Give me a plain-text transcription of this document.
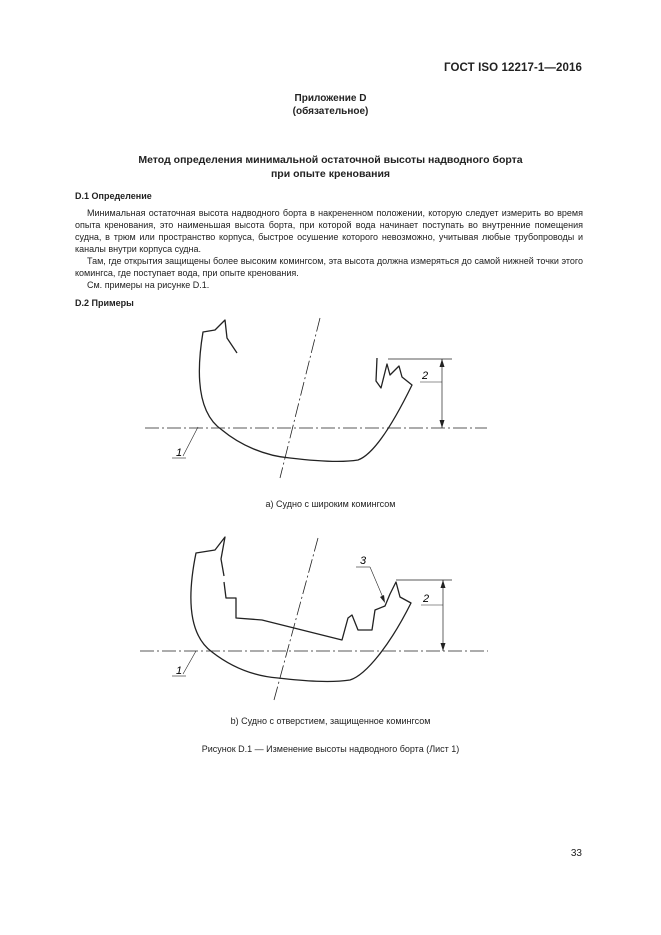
ГОСТ ISO 12217-1—2016
Приложение D
(обязательное)
Метод определения минимальной остаточной высоты надводного борта
при опыте кренования
D.1 Определение
Минимальная остаточная высота надводного борта в накрененном положении, которую следует измерить во время опыта кренования, это наименьшая высота борта, при которой вода начинает поступать во внутренние помещения судна, в трюм или пространство корпуса, быстрое осушение которого невозможно, учитывая любые трубопроводы и каналы внутри корпуса судна.
Там, где открытия защищены более высоким комингсом, эта высота должна измеряться до самой нижней точки этого комингса, где поступает вода, при опыте кренования.
См. примеры на рисунке D.1.
D.2 Примеры
2
1
а) Судно с широким комингсом
2
3
1
b) Судно с отверстием, защищенное комингсом
Рисунок D.1 — Изменение высоты надводного борта (Лист 1)
33
